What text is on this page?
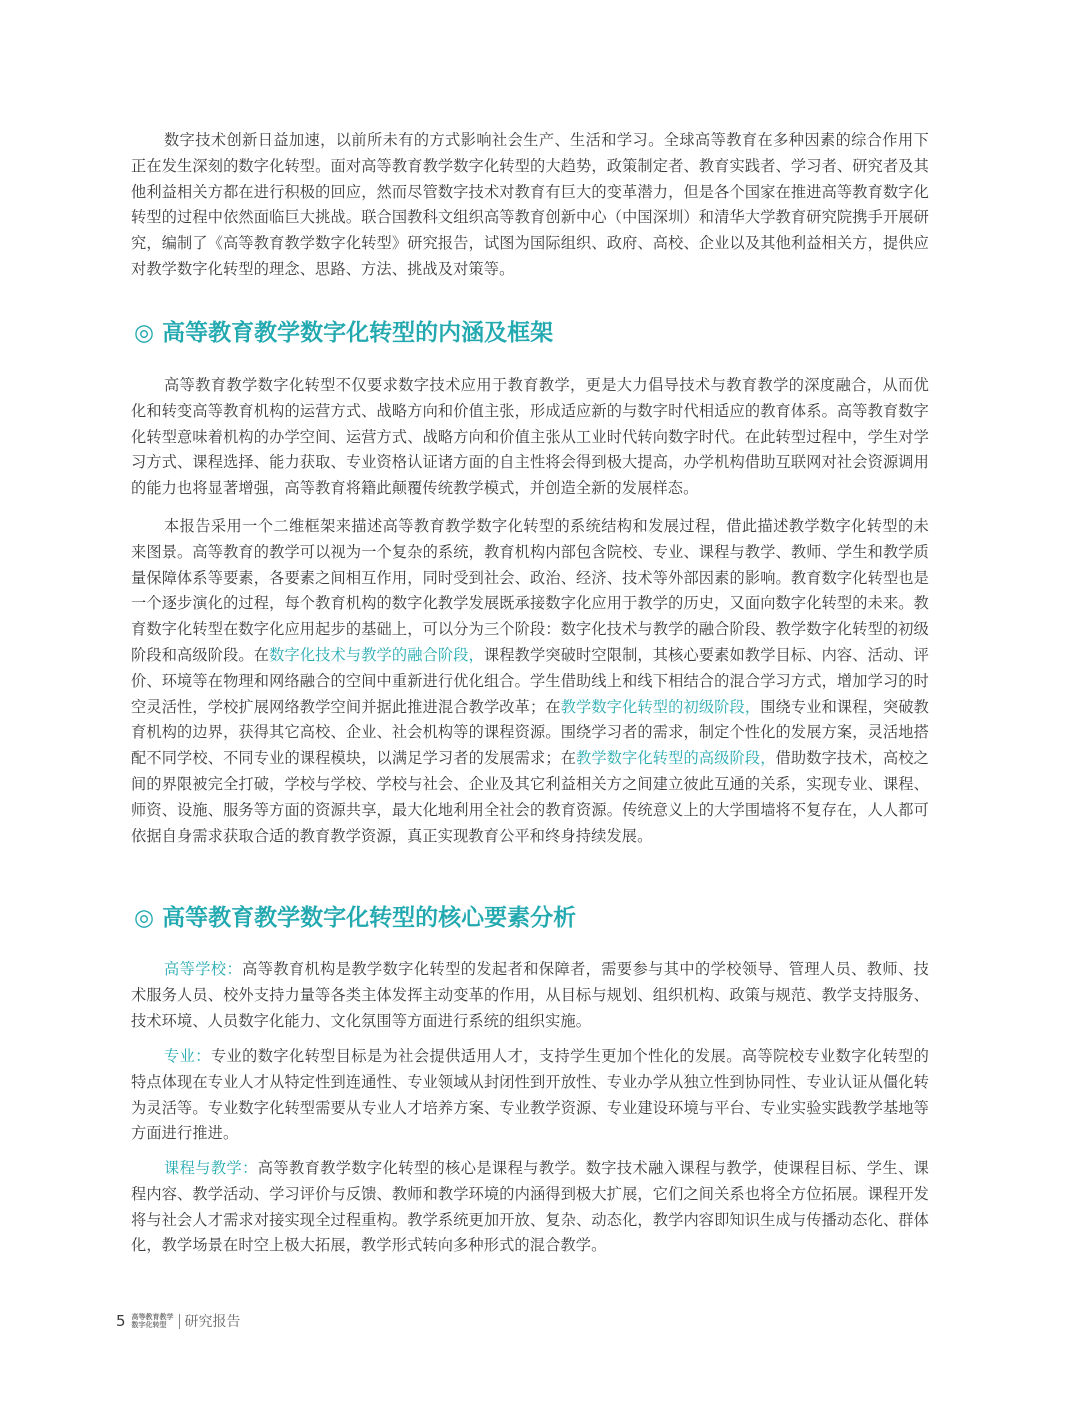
数字技术创新日益加速，以前所未有的方式影响社会生产、生活和学习。全球高等教育在多种因素的综合作用下正在发生深刻的数字化转型。面对高等教育教学数字化转型的大趋势，政策制定者、教育实践者、学习者、研究者及其他利益相关方都在进行积极的回应，然而尽管数字技术对教育有巨大的变革潜力，但是各个国家在推进高等教育数字化转型的过程中依然面临巨大挑战。联合国教科文组织高等教育创新中心（中国深圳）和清华大学教育研究院携手开展研究，编制了《高等教育教学数字化转型》研究报告，试图为国际组织、政府、高校、企业以及其他利益相关方，提供应对教学数字化转型的理念、思路、方法、挑战及对策等。

◎ 高等教育教学数字化转型的内涵及框架

高等教育教学数字化转型不仅要求数字技术应用于教育教学，更是大力倡导技术与教育教学的深度融合，从而优化和转变高等教育机构的运营方式、战略方向和价值主张，形成适应新的与数字时代相适应的教育体系。高等教育数字化转型意味着机构的办学空间、运营方式、战略方向和价值主张从工业时代转向数字时代。在此转型过程中，学生对学习方式、课程选择、能力获取、专业资格认证诸方面的自主性将会得到极大提高，办学机构借助互联网对社会资源调用的能力也将显著增强，高等教育将籍此颠覆传统教学模式，并创造全新的发展样态。

本报告采用一个二维框架来描述高等教育教学数字化转型的系统结构和发展过程，借此描述教学数字化转型的未来图景。高等教育的教学可以视为一个复杂的系统，教育机构内部包含院校、专业、课程与教学、教师、学生和教学质量保障体系等要素，各要素之间相互作用，同时受到社会、政治、经济、技术等外部因素的影响。教育数字化转型也是一个逐步演化的过程，每个教育机构的数字化教学发展既承接数字化应用于教学的历史，又面向数字化转型的未来。教育数字化转型在数字化应用起步的基础上，可以分为三个阶段：数字化技术与教学的融合阶段、教学数字化转型的初级阶段和高级阶段。在数字化技术与教学的融合阶段，课程教学突破时空限制，其核心要素如教学目标、内容、活动、评价、环境等在物理和网络融合的空间中重新进行优化组合。学生借助线上和线下相结合的混合学习方式，增加学习的时空灵活性，学校扩展网络教学空间并据此推进混合教学改革；在教学数字化转型的初级阶段，围绕专业和课程，突破教育机构的边界，获得其它高校、企业、社会机构等的课程资源。围绕学习者的需求，制定个性化的发展方案，灵活地搭配不同学校、不同专业的课程模块，以满足学习者的发展需求；在教学数字化转型的高级阶段，借助数字技术，高校之间的界限被完全打破，学校与学校、学校与社会、企业及其它利益相关方之间建立彼此互通的关系，实现专业、课程、师资、设施、服务等方面的资源共享，最大化地利用全社会的教育资源。传统意义上的大学围墙将不复存在，人人都可依据自身需求获取合适的教育教学资源，真正实现教育公平和终身持续发展。

◎ 高等教育教学数字化转型的核心要素分析

高等学校：高等教育机构是教学数字化转型的发起者和保障者，需要参与其中的学校领导、管理人员、教师、技术服务人员、校外支持力量等各类主体发挥主动变革的作用，从目标与规划、组织机构、政策与规范、教学支持服务、技术环境、人员数字化能力、文化氛围等方面进行系统的组织实施。

专业：专业的数字化转型目标是为社会提供适用人才，支持学生更加个性化的发展。高等院校专业数字化转型的特点体现在专业人才从特定性到连通性、专业领域从封闭性到开放性、专业办学从独立性到协同性、专业认证从僵化转为灵活等。专业数字化转型需要从专业人才培养方案、专业教学资源、专业建设环境与平台、专业实验实践教学基地等方面进行推进。

课程与教学：高等教育教学数字化转型的核心是课程与教学。数字技术融入课程与教学，使课程目标、学生、课程内容、教学活动、学习评价与反馈、教师和教学环境的内涵得到极大扩展，它们之间关系也将全方位拓展。课程开发将与社会人才需求对接实现全过程重构。教学系统更加开放、复杂、动态化，教学内容即知识生成与传播动态化、群体化，教学场景在时空上极大拓展，教学形式转向多种形式的混合教学。

5 高等教育教学
数字化转型	研究报告
